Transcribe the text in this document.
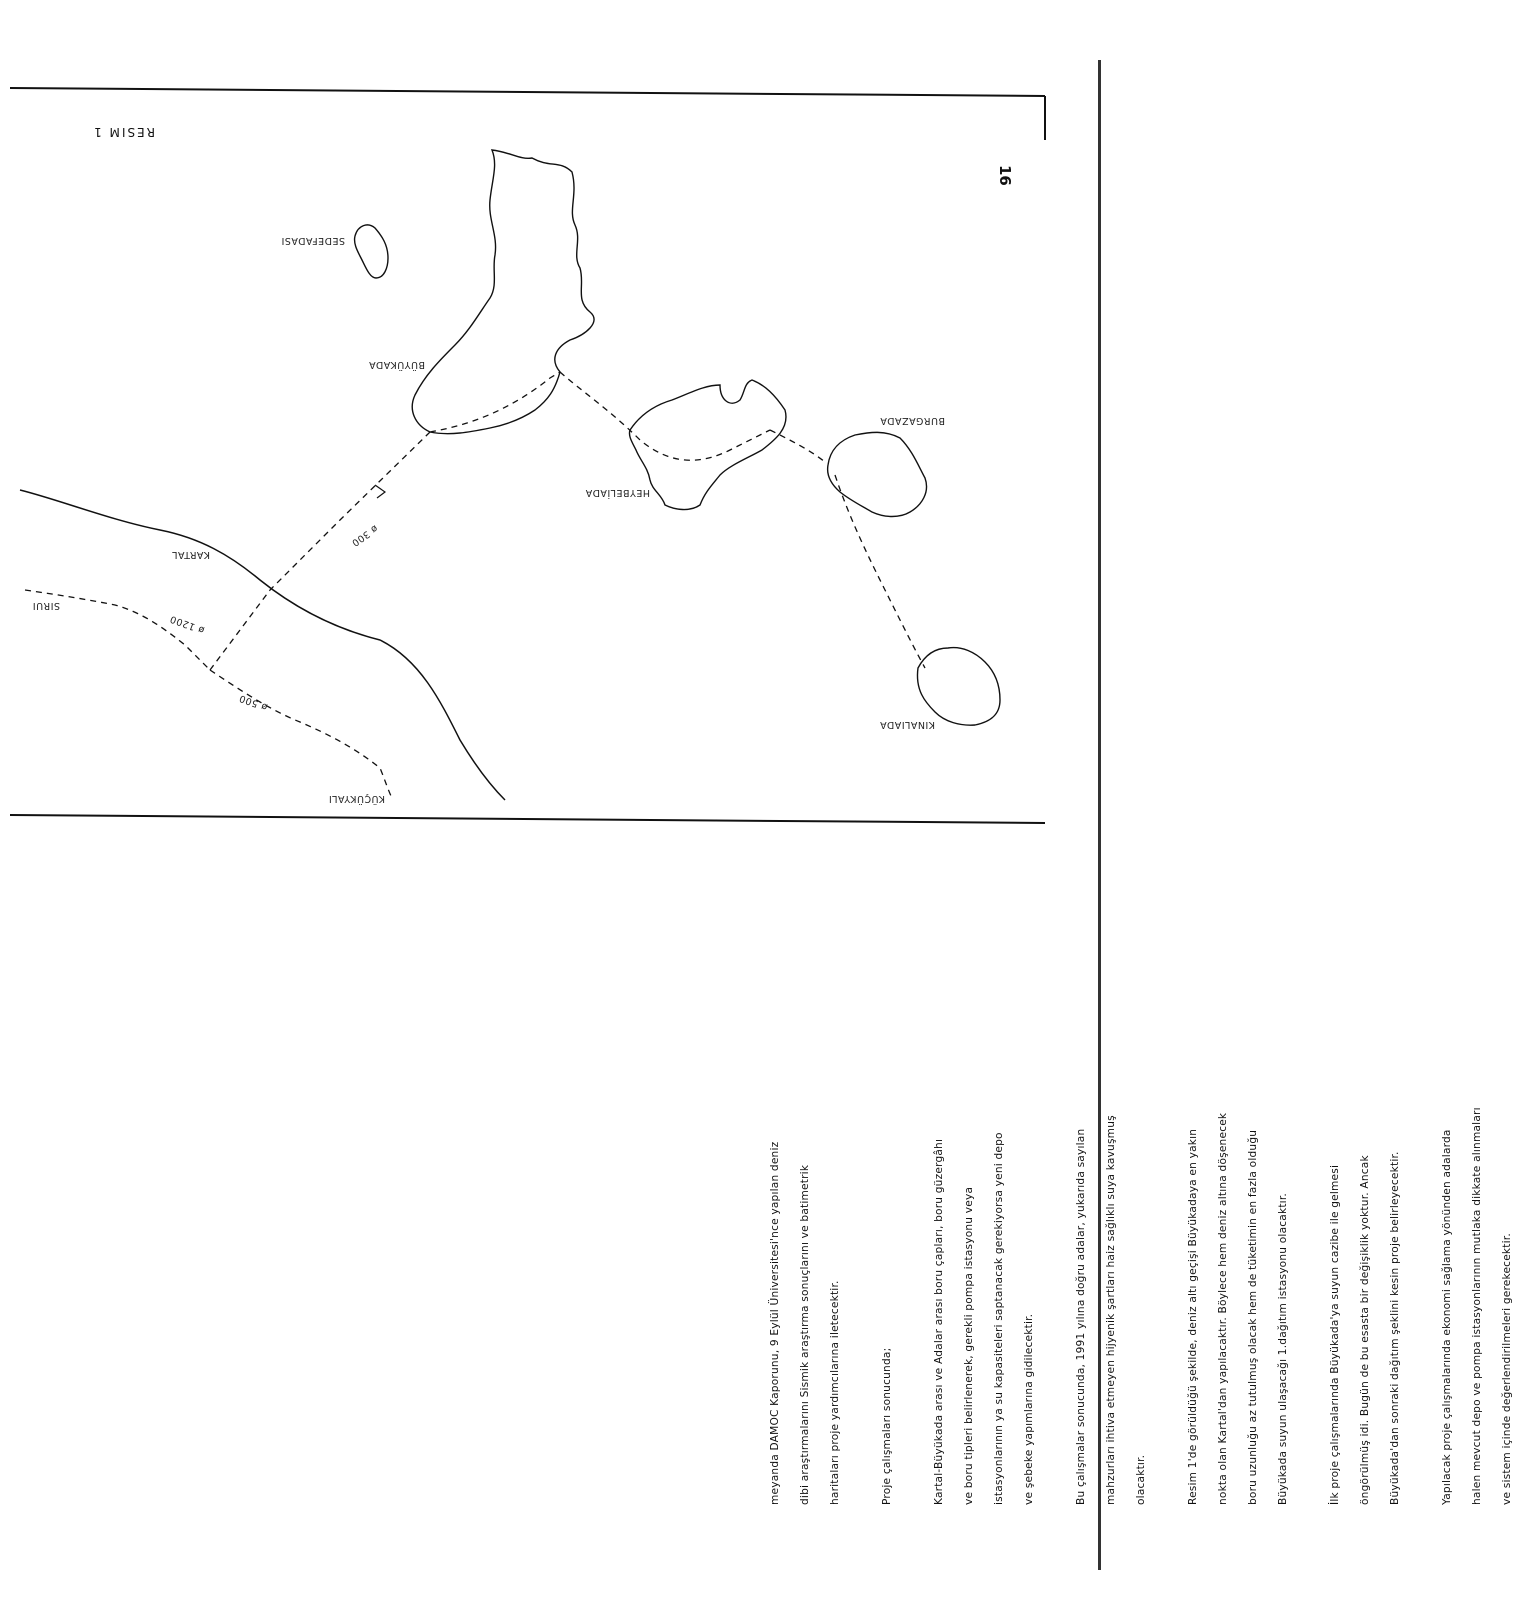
RESIM 1
16
SEDEFADASI
BÜYÜKADA
BURGAZADA
HEYBELİADA
KINALIADA
KARTAL
SIRUI
KÜÇÜKYALI
ø 300
ø 1200
ø 500
meyanda DAMOC Kaporunu, 9 Eylül Üniversitesi'nce yapılan deniz	dibi araştırmalarını Sismik araştırma sonuçlarını ve batimetrik	haritaları proje yardımcılarına iletecektir.	Proje çalışmaları sonucunda;	Kartal-Büyükada arası ve Adalar arası boru çapları, boru güzergâhı	ve boru tipleri belirlenerek, gerekli pompa istasyonu veya	istasyonlarının ya su kapasiteleri saptanacak gerekiyorsa yeni depo	ve şebeke yapımlarına gidilecektir.	Bu çalışmalar sonucunda, 1991 yılına doğru adalar, yukarıda sayılan	mahzurları ihtiva etmeyen hijyenik şartları haiz sağlıklı suya kavuşmuş	olacaktır.	Resim 1'de görüldüğü şekilde, deniz altı geçişi Büyükadaya en yakın	nokta olan Kartal'dan yapılacaktır. Böylece hem deniz altına döşenecek	boru uzunluğu az tutulmuş olacak hem de tüketimin en fazla olduğu	Büyükada suyun ulaşacağı 1.dağıtım istasyonu olacaktır.	İlk proje çalışmalarında Büyükada'ya suyun cazibe ile gelmesi	öngörülmüş idi. Bugün de bu esasta bir değişiklik yoktur. Ancak	Büyükada'dan sonraki dağıtım şeklini kesin proje belirleyecektir.	Yapılacak proje çalışmalarında ekonomi sağlama yönünden adalarda	halen mevcut depo ve pompa istasyonlarının mutlaka dikkate alınmaları	ve sistem içinde değerlendirilmeleri gerekecektir.
